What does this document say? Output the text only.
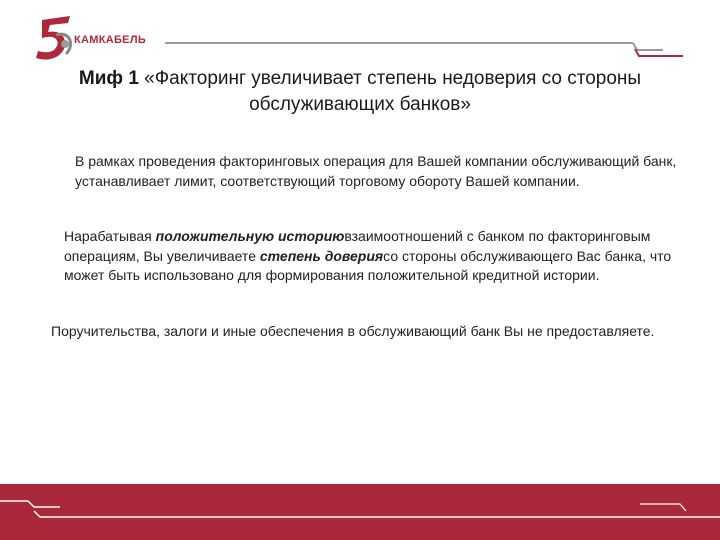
КАМКАБЕЛЬ
Миф 1 «Факторинг увеличивает степень недоверия со стороны обслуживающих банков»
В рамках проведения факторинговых операция для Вашей компании обслуживающий банк, устанавливает лимит, соответствующий торговому обороту Вашей компании.
Нарабатывая положительную историювзаимоотношений с банком по факторинговым операциям, Вы увеличиваете степень довериясо стороны обслуживающего Вас банка, что может быть использовано для формирования положительной кредитной истории.
Поручительства, залоги и иные обеспечения в обслуживающий банк Вы не предоставляете.
